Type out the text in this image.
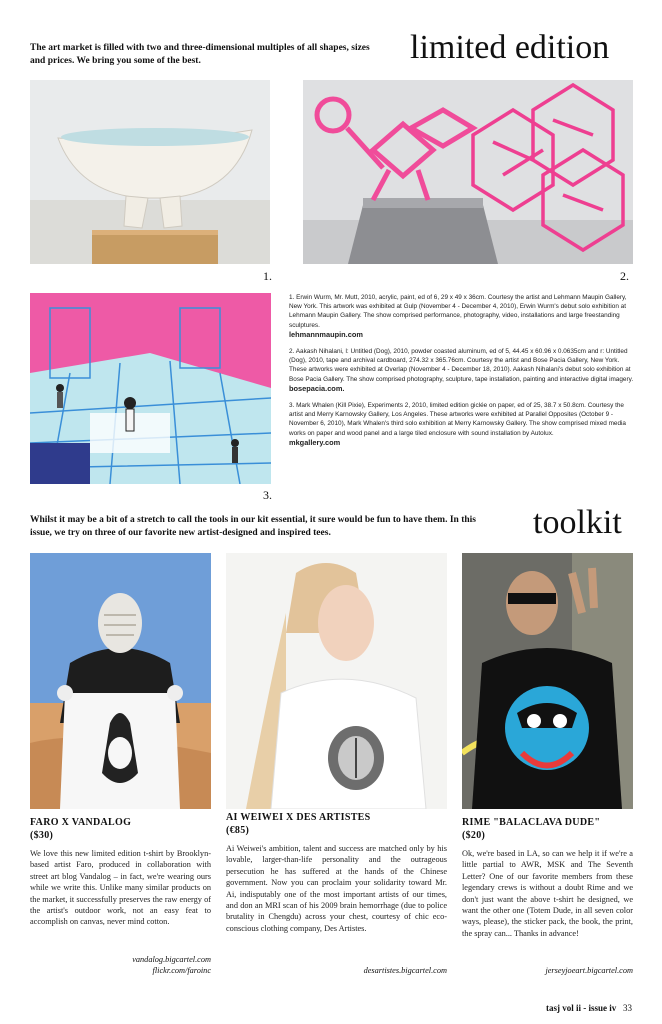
The art market is filled with two and three-dimensional multiples of all shapes, sizes and prices. We bring you some of the best.	limited edition
1.	2.
3.

1. Erwin Wurm, Mr. Mutt, 2010, acrylic, paint, ed of 6, 29 x 49 x 36cm. Courtesy the artist and Lehmann Maupin Gallery, New York. This artwork was exhibited at Gulp (November 4 - December 4, 2010), Erwin Wurm's debut solo exhibition at Lehmann Maupin Gallery. The show comprised performance, photography, video, installations and large freestanding sculptures.
lehmannmaupin.com

2. Aakash Nihalani, l: Untitled (Dog), 2010, powder coasted aluminum, ed of 5, 44.45 x 60.96 x 0.0635cm and r: Untitled (Dog), 2010, tape and archival cardboard, 274.32 x 365.76cm. Courtesy the artist and Bose Pacia Gallery, New York. These artworks were exhibited at Overlap (November 4 - December 18, 2010). Aakash Nihalani's debut solo exhibition at Bose Pacia Gallery. The show comprised photography, sculpture, tape installation, painting and interactive digital imagery.
bosepacia.com.

3. Mark Whalen (Kill Pixie), Experiments 2, 2010, limited edition giclée on paper, ed of 25, 38.7 x 50.8cm. Courtesy the artist and Merry Karnowsky Gallery, Los Angeles. These artworks were exhibited at Parallel Opposites (October 9 - November 6, 2010), Mark Whalen's third solo exhibition at Merry Karnowsky Gallery. The show comprised mixed media works on paper and wood panel and a large tiled enclosure with sound installation by Autolux.
mkgallery.com

Whilst it may be a bit of a stretch to call the tools in our kit essential, it sure would be fun to have them. In this issue, we try on three of our favorite new artist-designed and inspired tees.	toolkit
FARO X VANDALOG
($30)
We love this new limited edition t-shirt by Brooklyn-based artist Faro, produced in collaboration with street art blog Vandalog – in fact, we're wearing ours while we write this. Unlike many similar products on the market, it successfully preserves the raw energy of the artist's outdoor work, not an easy feat to accomplish on canvas, never mind cotton.
vandalog.bigcartel.com
flickr.com/faroinc
AI WEIWEI X DES ARTISTES
(€85)
Ai Weiwei's ambition, talent and success are matched only by his lovable, larger-than-life personality and the outrageous persecution he has suffered at the hands of the Chinese government. Now you can proclaim your solidarity toward Mr. Ai, indisputably one of the most important artists of our times, and don an MRI scan of his 2009 brain hemorrhage (due to police brutality in Chengdu) across your chest, courtesy of chic eco-conscious clothing company, Des Artistes.
desartistes.bigcartel.com
RIME "BALACLAVA DUDE"
($20)
Ok, we're based in LA, so can we help it if we're a little partial to AWR, MSK and The Seventh Letter? One of our favorite members from these legendary crews is without a doubt Rime and we don't just want the above t-shirt he designed, we want the other one (Totem Dude, in all seven color ways, please), the sticker pack, the book, the print, the spray can... Thanks in advance!
jerseyjoeart.bigcartel.com
tasj vol ii - issue iv 33
